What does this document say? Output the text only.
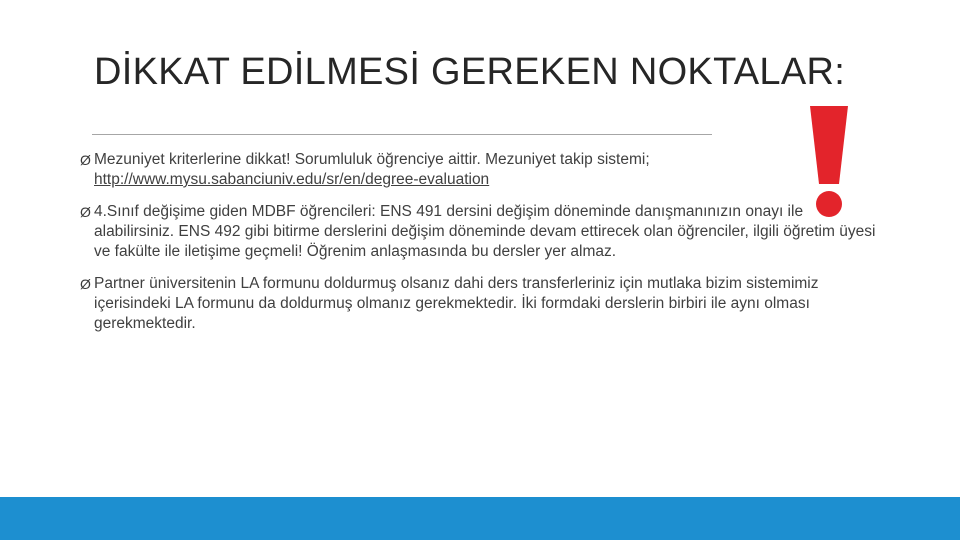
DİKKAT EDİLMESİ GEREKEN NOKTALAR:
Ø Mezuniyet kriterlerine dikkat! Sorumluluk öğrenciye aittir. Mezuniyet takip sistemi;
http://www.mysu.sabanciuniv.edu/sr/en/degree-evaluation
Ø 4.Sınıf değişime giden MDBF öğrencileri: ENS 491 dersini değişim döneminde danışmanınızın onayı ile alabilirsiniz. ENS 492 gibi bitirme derslerini değişim döneminde devam ettirecek olan öğrenciler, ilgili öğretim üyesi ve fakülte ile iletişime geçmeli! Öğrenim anlaşmasında bu dersler yer almaz.
Ø Partner üniversitenin LA formunu doldurmuş olsanız dahi ders transferleriniz için mutlaka bizim sistemimiz içerisindeki LA formunu da doldurmuş olmanız gerekmektedir. İki formdaki derslerin birbiri ile aynı olması gerekmektedir.
